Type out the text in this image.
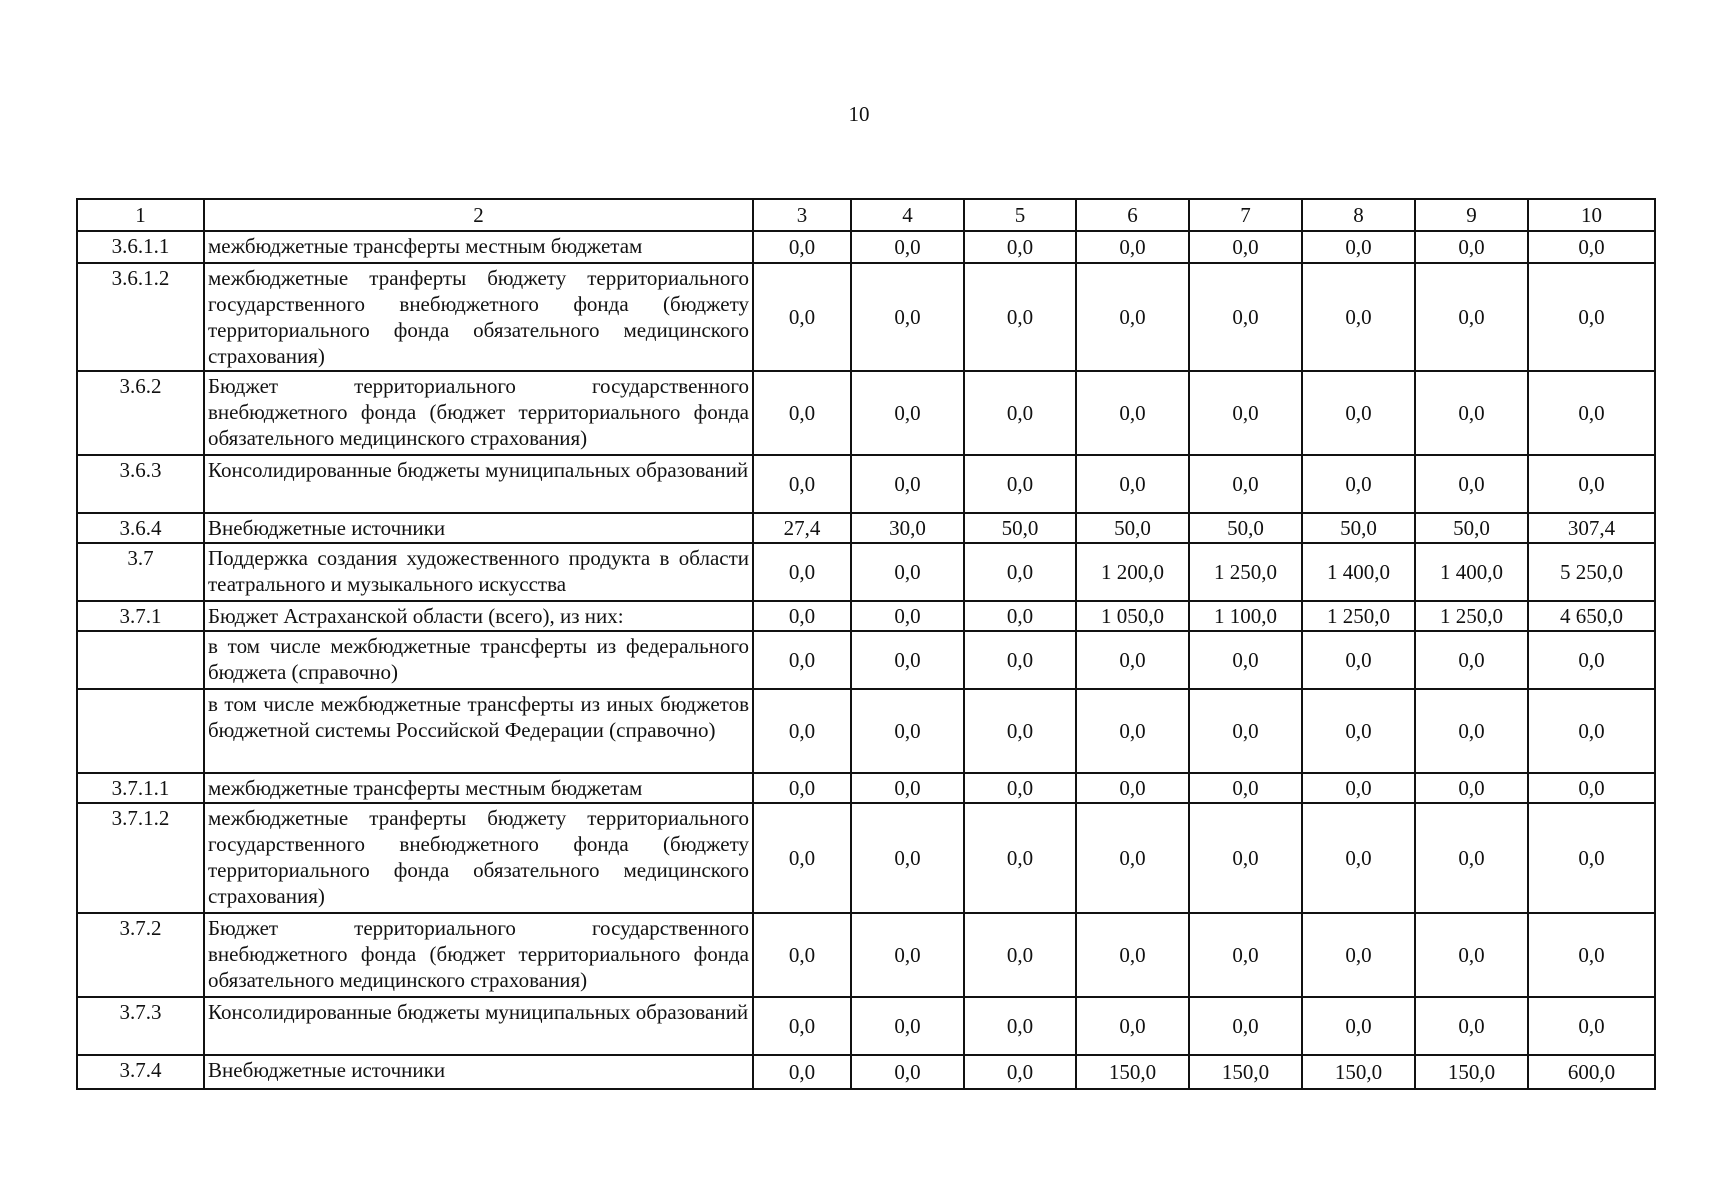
10
1	2	3	4	5	6	7	8	9	10
3.6.1.1	межбюджетные трансферты местным бюджетам	0,0	0,0	0,0	0,0	0,0	0,0	0,0	0,0
3.6.1.2	межбюджетные транферты бюджету территориального государственного внебюджетного фонда (бюджету территориального фонда обязательного медицинского страхования)	0,0	0,0	0,0	0,0	0,0	0,0	0,0	0,0
3.6.2	Бюджет территориального государственного внебюджетного фонда (бюджет территориального фонда обязательного медицинского страхования)	0,0	0,0	0,0	0,0	0,0	0,0	0,0	0,0
3.6.3	Консолидированные бюджеты муниципальных образований	0,0	0,0	0,0	0,0	0,0	0,0	0,0	0,0
3.6.4	Внебюджетные источники	27,4	30,0	50,0	50,0	50,0	50,0	50,0	307,4
3.7	Поддержка создания художественного продукта в области театрального и музыкального искусства	0,0	0,0	0,0	1 200,0	1 250,0	1 400,0	1 400,0	5 250,0
3.7.1	Бюджет Астраханской области (всего), из них:	0,0	0,0	0,0	1 050,0	1 100,0	1 250,0	1 250,0	4 650,0
	в том числе межбюджетные трансферты из федерального бюджета (справочно)	0,0	0,0	0,0	0,0	0,0	0,0	0,0	0,0
	в том числе межбюджетные трансферты из иных бюджетов бюджетной системы Российской Федерации (справочно)	0,0	0,0	0,0	0,0	0,0	0,0	0,0	0,0
3.7.1.1	межбюджетные трансферты местным бюджетам	0,0	0,0	0,0	0,0	0,0	0,0	0,0	0,0
3.7.1.2	межбюджетные транферты бюджету территориального государственного внебюджетного фонда (бюджету территориального фонда обязательного медицинского страхования)	0,0	0,0	0,0	0,0	0,0	0,0	0,0	0,0
3.7.2	Бюджет территориального государственного внебюджетного фонда (бюджет территориального фонда обязательного медицинского страхования)	0,0	0,0	0,0	0,0	0,0	0,0	0,0	0,0
3.7.3	Консолидированные бюджеты муниципальных образований	0,0	0,0	0,0	0,0	0,0	0,0	0,0	0,0
3.7.4	Внебюджетные источники	0,0	0,0	0,0	150,0	150,0	150,0	150,0	600,0
